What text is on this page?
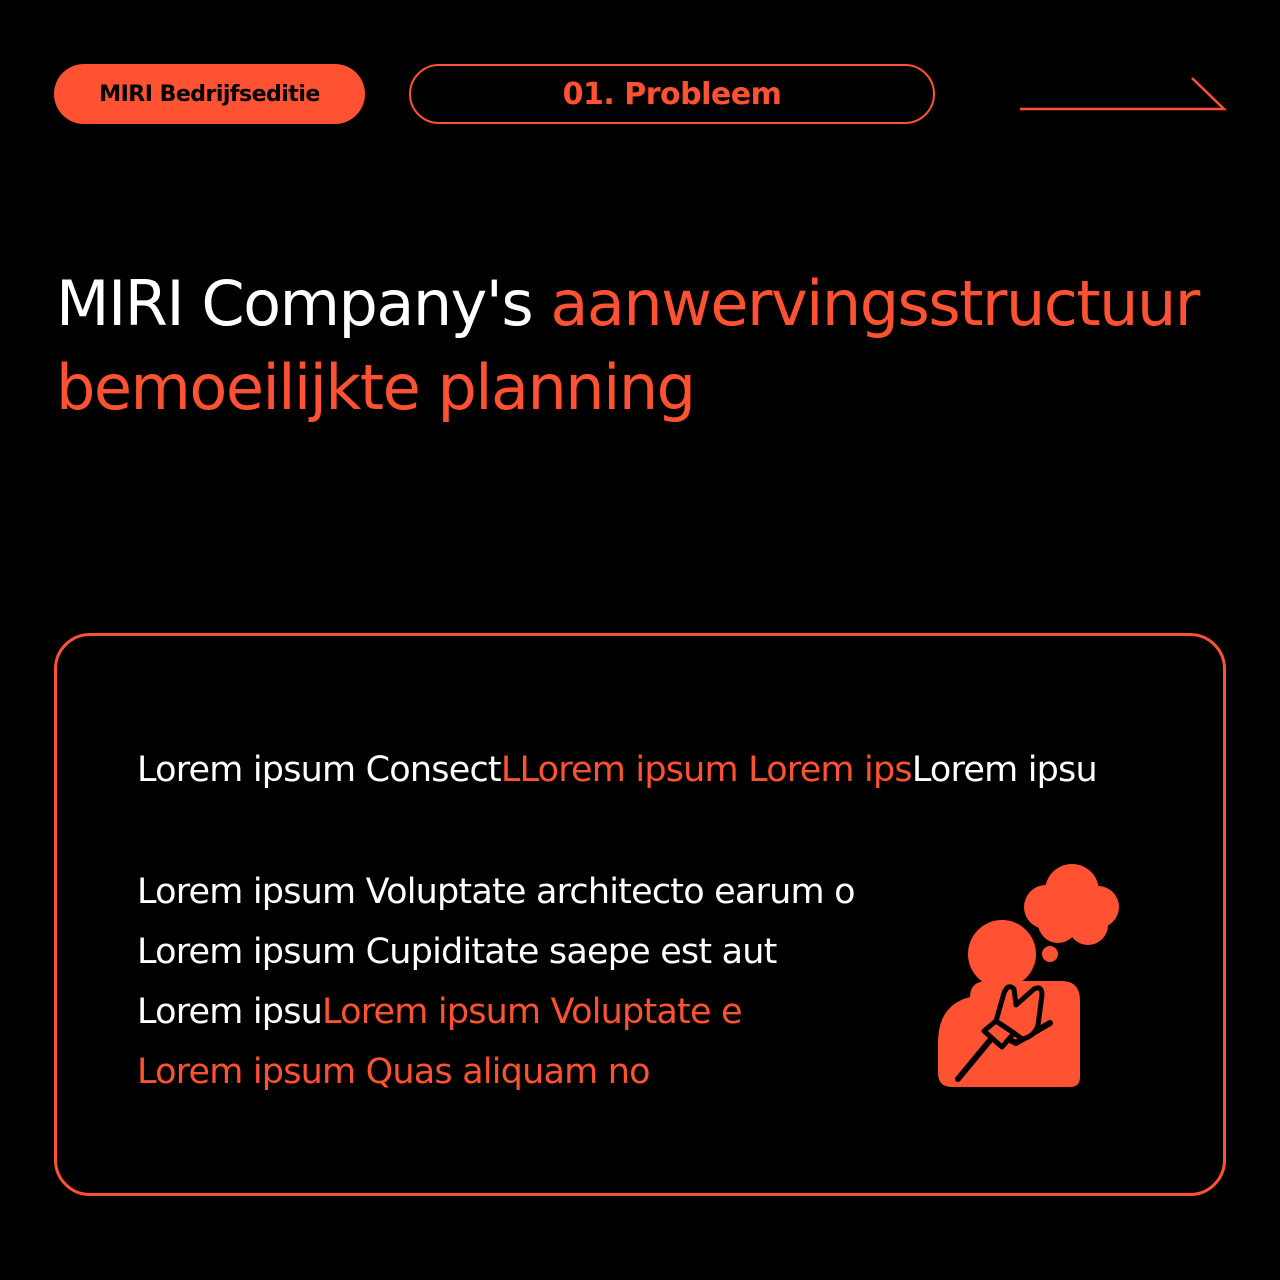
MIRI Bedrijfseditie	01. Probleem
MIRI Company's aanwervingsstructuur
bemoeilijkte planning
Lorem ipsum ConsectLLorem ipsum Lorem ipsLorem ipsu
Lorem ipsum Voluptate architecto earum o
Lorem ipsum Cupiditate saepe est aut
Lorem ipsuLorem ipsum Voluptate e
Lorem ipsum Quas aliquam no
